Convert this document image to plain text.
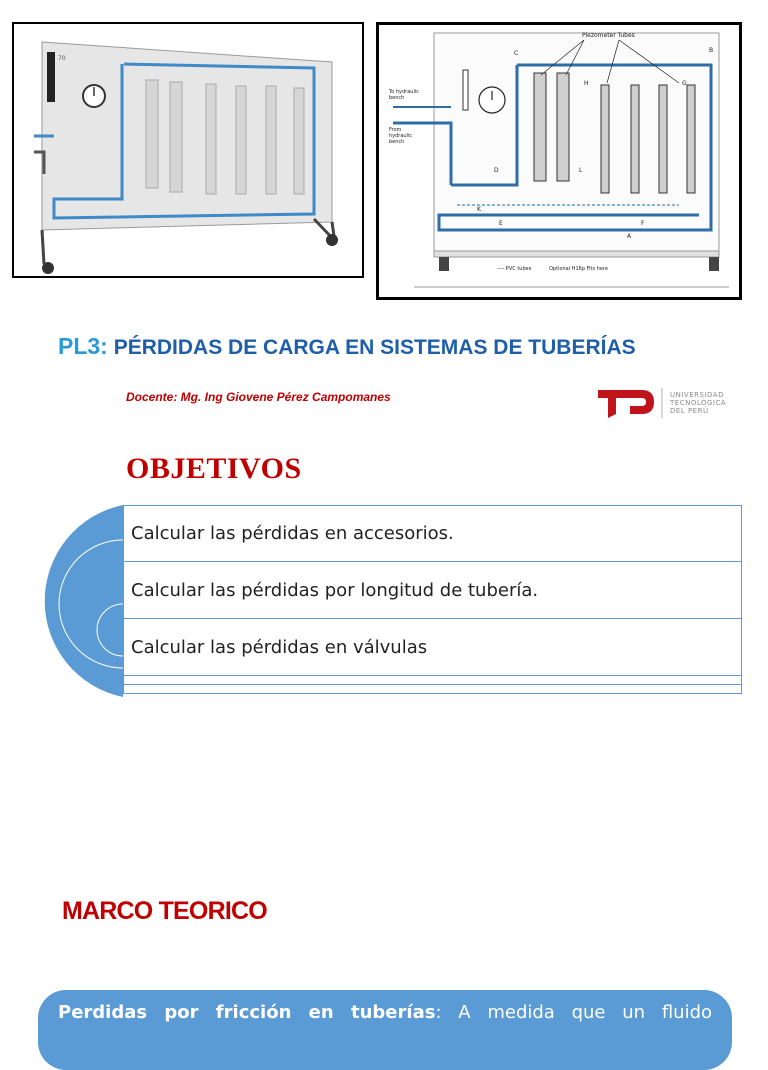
70
Piezometer Tubes
To hydraulic
bench
From
hydraulic
bench
C	B
H	G
D
K
E
L
A
F
---- PVC tubes	Optional H16p Fits here
PL3: PÉRDIDAS DE CARGA EN SISTEMAS DE TUBERÍAS
Docente: Mg. Ing Giovene Pérez Campomanes	UNIVERSIDAD
TECNOLÓGICA
DEL PERÚ
OBJETIVOS
Calcular las pérdidas en accesorios.
Calcular las pérdidas por longitud de tubería.
Calcular las pérdidas en válvulas
MARCO TEORICO
Perdidas por fricción en tuberías: A medida que un fluido
